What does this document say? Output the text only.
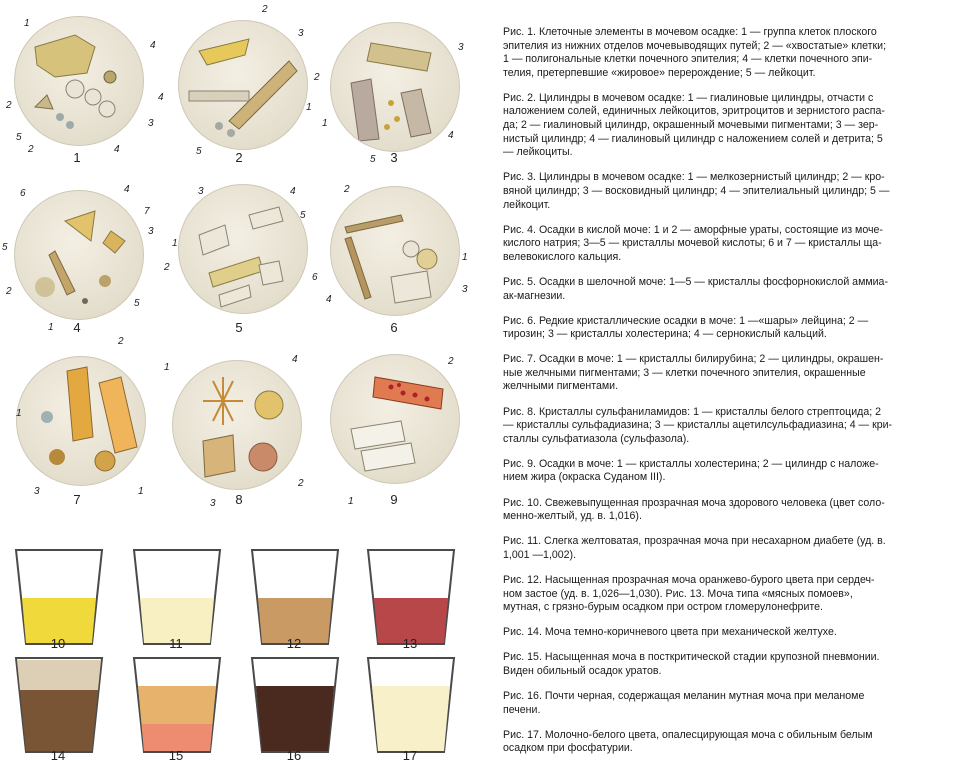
1	2	3
4	5	6
7	8	9
1
2
3
4
4
5
2
2
3
4
1
5
2
3
1
4
5
6	4
7
3
5
2
1
5
3	4
5
1
2
6
2
1
4
3
2
1
3	1
1
4
3
2
2
1
10	11	12	13
14	15	16	17

Рис. 1. Клеточные элементы в мочевом осадке: 1 — группа клеток плоского
эпителия из нижних отделов мочевыводящих путей; 2 — «хвостатые» клетки;
1 — полигональные клетки почечного эпителия; 4 — клетки почечного эпи-
телия, претерпевшие «жировое» перерождение; 5 — лейкоцит.

Рис. 2. Цилиндры в мочевом осадке: 1 — гиалиновые цилиндры, отчасти с
наложением солей, единичных лейкоцитов, эритроцитов и зернистого распа-
да; 2 — гиалиновый цилиндр, окрашенный мочевыми пигментами; 3 — зер-
нистый цилиндр; 4 — гиалиновый цилиндр с наложением солей и детрита; 5
— лейкоциты.

Рис. 3. Цилиндры в мочевом осадке: 1 — мелкозернистый цилиндр; 2 — кро-
вяной цилиндр; 3 — восковидный цилиндр; 4 — эпителиальный цилиндр; 5 —
лейкоцит.

Рис. 4. Осадки в кислой моче: 1 и 2 — аморфные ураты, состоящие из моче-
кислого натрия; 3—5 — кристаллы мочевой кислоты; 6 и 7 — кристаллы ща-
велевокислого кальция.

Рис. 5. Осадки в шелочной моче: 1—5 — кристаллы фосфорнокислой аммиа-
ак-магнезии.

Рис. 6. Редкие кристаллические осадки в моче: 1 —«шары» лейцина; 2 —
тирозин; 3 — кристаллы холестерина; 4 — сернокислый кальций.

Рис. 7. Осадки в моче: 1 — кристаллы билирубина; 2 — цилиндры, окрашен-
ные желчными пигментами; 3 — клетки почечного эпителия, окрашенные
желчными пигментами.

Рис. 8. Кристаллы сульфаниламидов: 1 — кристаллы белого стрептоцида; 2
— кристаллы сульфадиазина; 3 — кристаллы ацетилсульфадиазина; 4 — кри-
сталлы сульфатиазола (сульфазола).

Рис. 9. Осадки в моче: 1 — кристаллы холестерина; 2 — цилиндр с наложе-
нием жира (окраска Суданом III).

Рис. 10. Свежевыпущенная прозрачная моча здорового человека (цвет соло-
менно-желтый, уд. в. 1,016).

Рис. 11. Слегка желтоватая, прозрачная моча при несахарном диабете (уд. в.
1,001 —1,002).

Рис. 12. Насыщенная прозрачная моча оранжево-бурого цвета при сердеч-
ном застое (уд. в. 1,026—1,030). Рис. 13. Моча типа «мясных помоев»,
мутная, с грязно-бурым осадком при остром гломерулонефрите.

Рис. 14. Моча темно-коричневого цвета при механической желтухе.

Рис. 15. Насыщенная моча в посткритической стадии крупозной пневмонии.
Виден обильный осадок уратов.

Рис. 16. Почти черная, содержащая меланин мутная моча при меланоме
печени.

Рис. 17. Молочно-белого цвета, опалесцирующая моча с обильным белым
осадком при фосфатурии.
